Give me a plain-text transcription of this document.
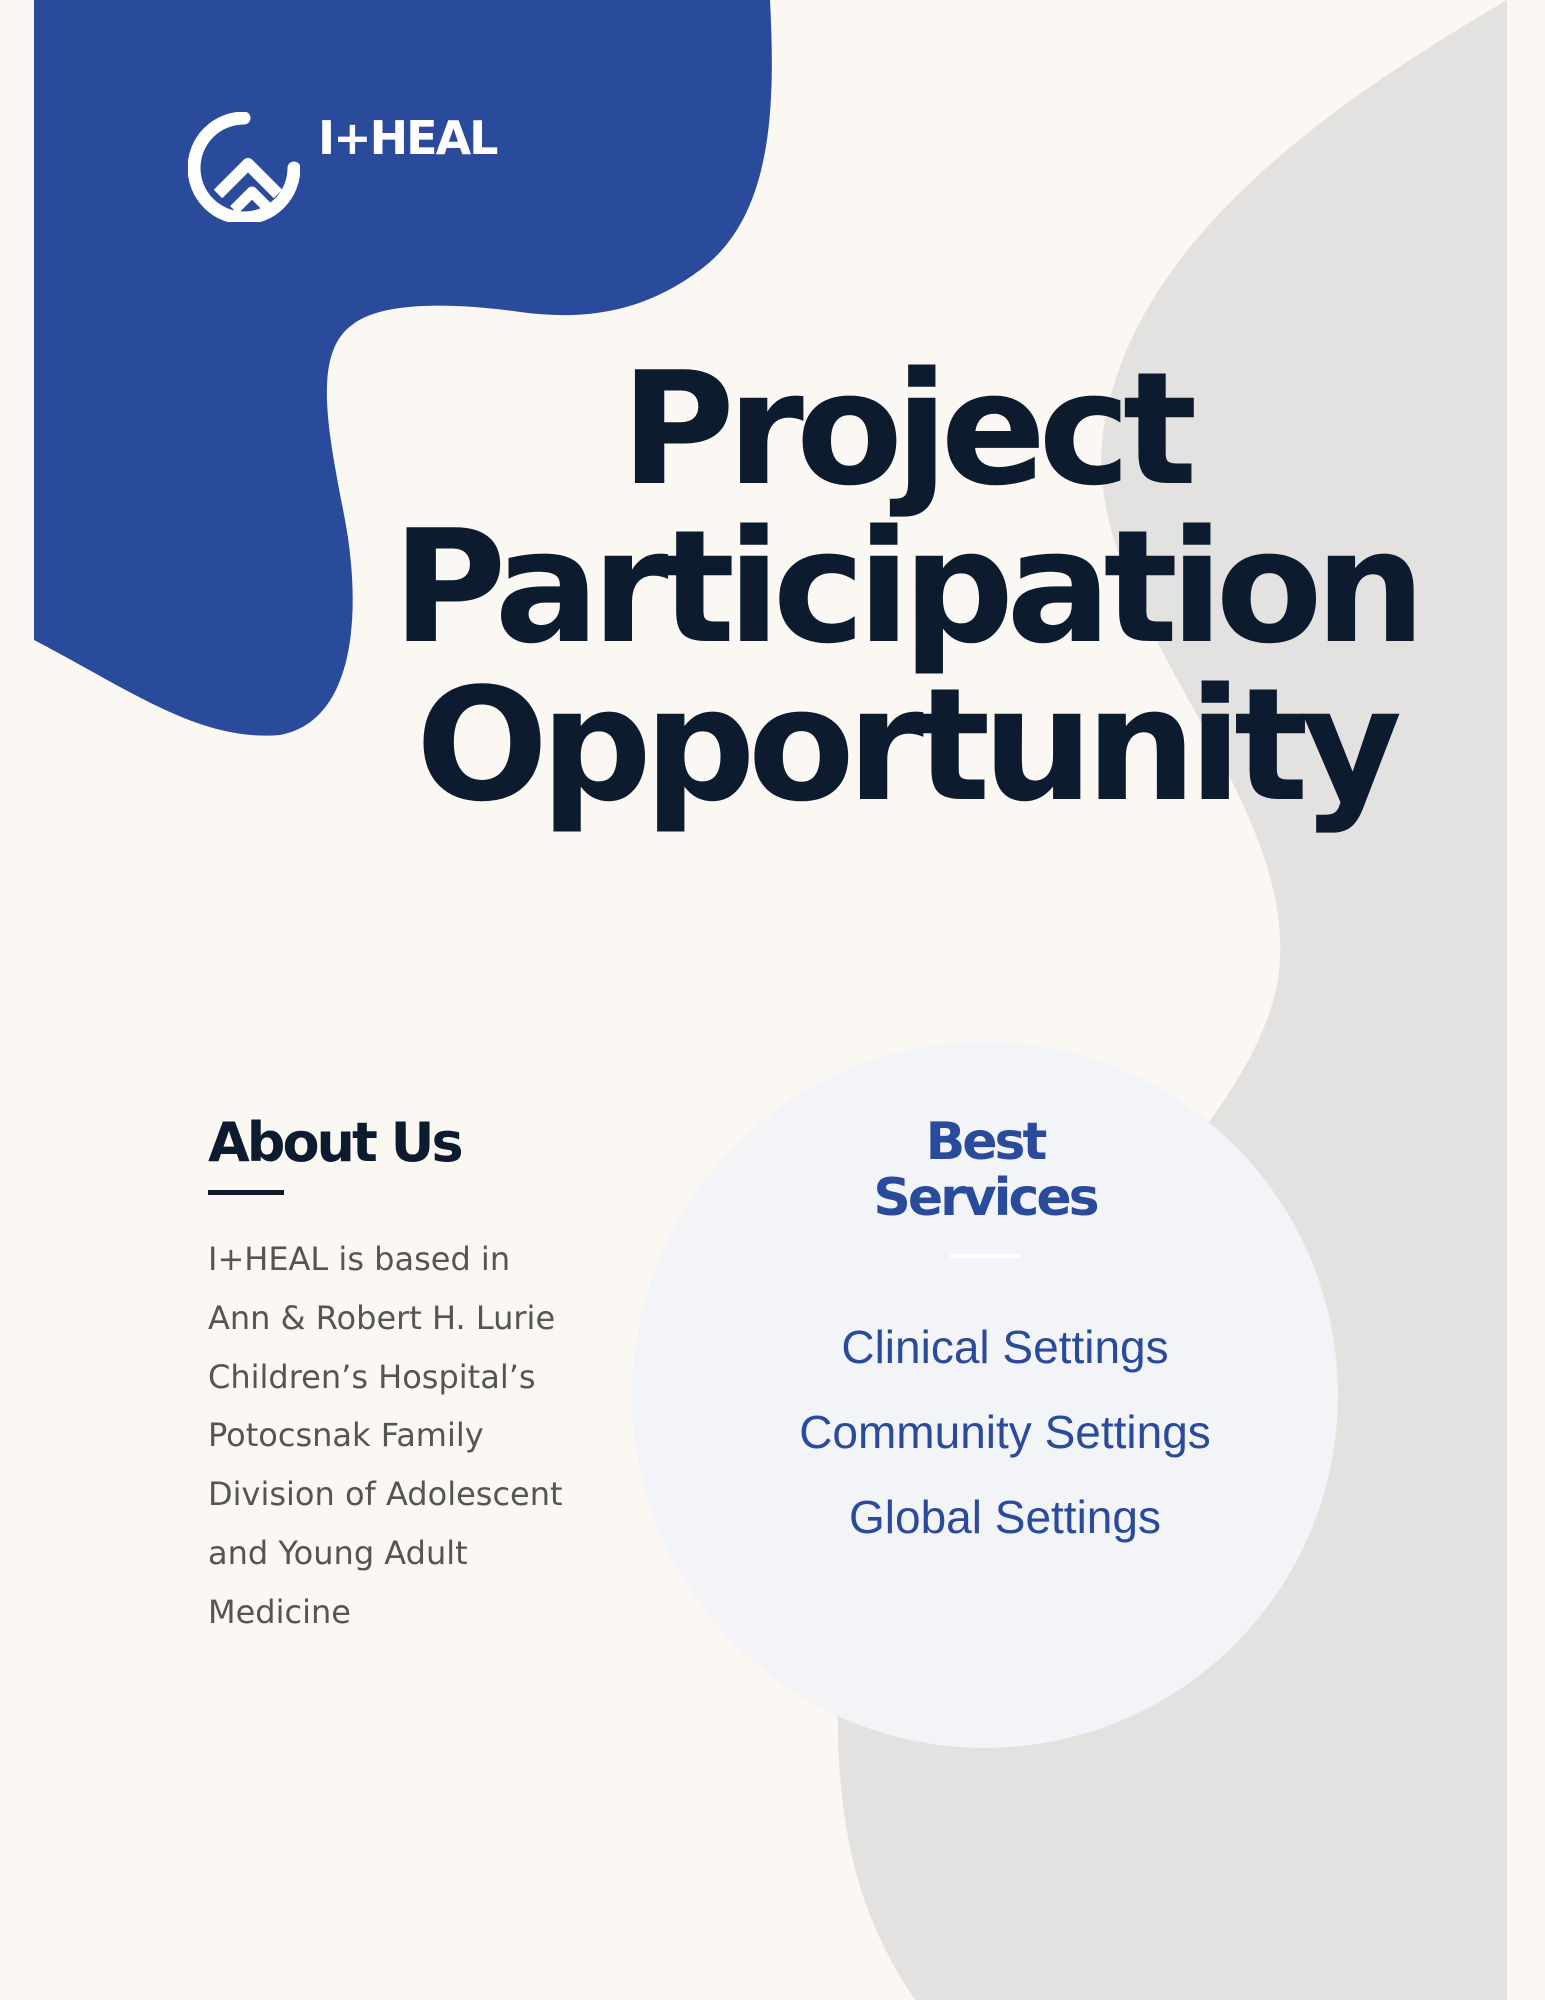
I+HEAL
Project
Participation
Opportunity
About Us
I+HEAL is based in
Ann & Robert H. Lurie
Children’s Hospital’s
Potocsnak Family
Division of Adolescent
and Young Adult
Medicine
Best
Services
Clinical Settings
Community Settings
Global Settings
